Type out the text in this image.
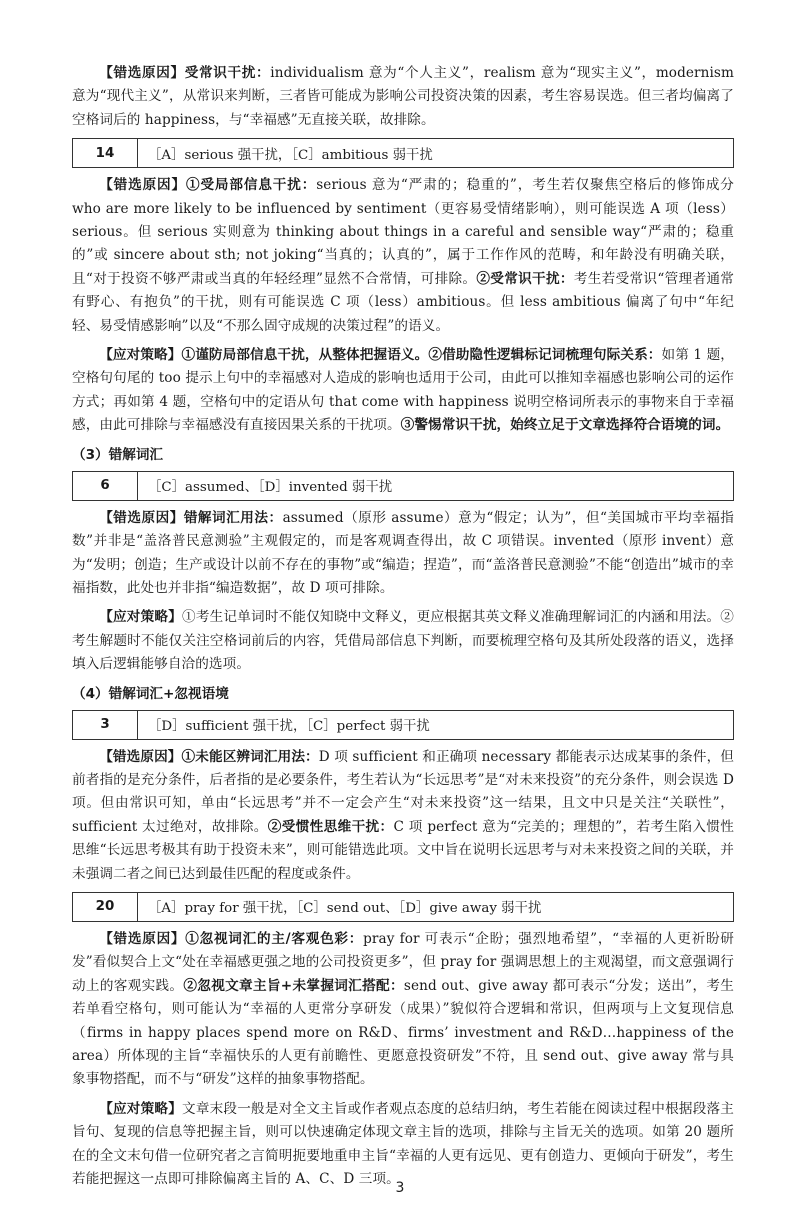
【错选原因】受常识干扰：individualism 意为“个人主义”，realism 意为“现实主义”，modernism 意为“现代主义”，从常识来判断，三者皆可能成为影响公司投资决策的因素，考生容易误选。但三者均偏离了空格词后的 happiness，与“幸福感”无直接关联，故排除。

14	［A］serious 强干扰，［C］ambitious 弱干扰

【错选原因】①受局部信息干扰：serious 意为“严肃的；稳重的”，考生若仅聚焦空格后的修饰成分 who are more likely to be influenced by sentiment（更容易受情绪影响），则可能误选 A 项（less）serious。但 serious 实则意为 thinking about things in a careful and sensible way“严肃的；稳重的”或 sincere about sth; not joking“当真的；认真的”，属于工作作风的范畴，和年龄没有明确关联，且“对于投资不够严肃或当真的年轻经理”显然不合常情，可排除。②受常识干扰：考生若受常识“管理者通常有野心、有抱负”的干扰，则有可能误选 C 项（less）ambitious。但 less ambitious 偏离了句中“年纪轻、易受情感影响”以及“不那么固守成规的决策过程”的语义。

【应对策略】①谨防局部信息干扰，从整体把握语义。②借助隐性逻辑标记词梳理句际关系：如第 1 题，空格句句尾的 too 提示上句中的幸福感对人造成的影响也适用于公司，由此可以推知幸福感也影响公司的运作方式；再如第 4 题，空格句中的定语从句 that come with happiness 说明空格词所表示的事物来自于幸福感，由此可排除与幸福感没有直接因果关系的干扰项。③警惕常识干扰，始终立足于文章选择符合语境的词。

（3）错解词汇
6	［C］assumed、［D］invented 弱干扰

【错选原因】错解词汇用法：assumed（原形 assume）意为“假定；认为”，但“美国城市平均幸福指数”并非是“盖洛普民意测验”主观假定的，而是客观调查得出，故 C 项错误。invented（原形 invent）意为“发明；创造；生产或设计以前不存在的事物”或“编造；捏造”，而“盖洛普民意测验”不能“创造出”城市的幸福指数，此处也并非指“编造数据”，故 D 项可排除。

【应对策略】①考生记单词时不能仅知晓中文释义，更应根据其英文释义准确理解词汇的内涵和用法。②考生解题时不能仅关注空格词前后的内容，凭借局部信息下判断，而要梳理空格句及其所处段落的语义，选择填入后逻辑能够自洽的选项。

（4）错解词汇+忽视语境
3	［D］sufficient 强干扰，［C］perfect 弱干扰

【错选原因】①未能区辨词汇用法：D 项 sufficient 和正确项 necessary 都能表示达成某事的条件，但前者指的是充分条件，后者指的是必要条件，考生若认为“长远思考”是“对未来投资”的充分条件，则会误选 D 项。但由常识可知，单由“长远思考”并不一定会产生“对未来投资”这一结果，且文中只是关注“关联性”，sufficient 太过绝对，故排除。②受惯性思维干扰：C 项 perfect 意为“完美的；理想的”，若考生陷入惯性思维“长远思考极其有助于投资未来”，则可能错选此项。文中旨在说明长远思考与对未来投资之间的关联，并未强调二者之间已达到最佳匹配的程度或条件。

20	［A］pray for 强干扰，［C］send out、［D］give away 弱干扰

【错选原因】①忽视词汇的主/客观色彩：pray for 可表示“企盼；强烈地希望”，“幸福的人更祈盼研发”看似契合上文“处在幸福感更强之地的公司投资更多”，但 pray for 强调思想上的主观渴望，而文意强调行动上的客观实践。②忽视文章主旨+未掌握词汇搭配：send out、give away 都可表示“分发；送出”，考生若单看空格句，则可能认为“幸福的人更常分享研发（成果）”貌似符合逻辑和常识，但两项与上文复现信息（firms in happy places spend more on R&D、firms’ investment and R&D…happiness of the area）所体现的主旨“幸福快乐的人更有前瞻性、更愿意投资研发”不符，且 send out、give away 常与具象事物搭配，而不与“研发”这样的抽象事物搭配。

【应对策略】文章末段一般是对全文主旨或作者观点态度的总结归纳，考生若能在阅读过程中根据段落主旨句、复现的信息等把握主旨，则可以快速确定体现文章主旨的选项，排除与主旨无关的选项。如第 20 题所在的全文末句借一位研究者之言简明扼要地重申主旨“幸福的人更有远见、更有创造力、更倾向于研发”，考生若能把握这一点即可排除偏离主旨的 A、C、D 三项。

3
